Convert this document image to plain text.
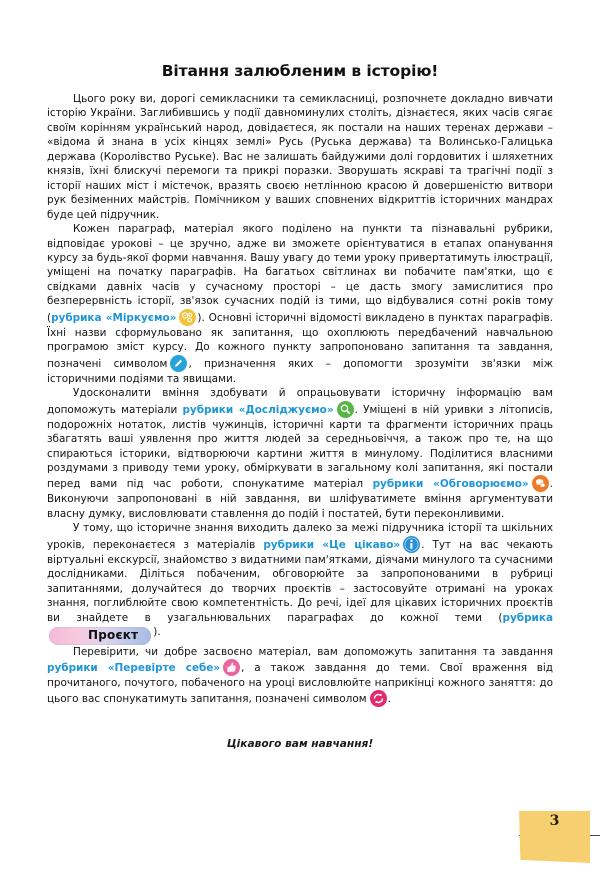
Вітання залюбленим в історію!

Цього року ви, дорогі семикласники та семикласниці, розпочнете докладно вивчати історію України. Заглибившись у події давноминулих століть, дізнаєтеся, яких часів сягає своїм корінням український народ, довідаєтеся, як постали на наших теренах держави – «відома й знана в усіх кінцях землі» Русь (Руська держава) та Волинсько-Галицька держава (Королівство Руське). Вас не залишать байдужими долі гордовитих і шляхетних князів, їхні блискучі перемоги та прикрі поразки. Зворушать яскраві та трагічні події з історії наших міст і містечок, вразять своєю нетлінною красою й довершеністю витвори рук безіменних майстрів. Помічником у ваших сповнених відкриттів історичних мандрах буде цей підручник.

Кожен параграф, матеріал якого поділено на пункти та пізнавальні рубрики, відповідає урокові – це зручно, адже ви зможете орієнтуватися в етапах опанування курсу за будь-якої форми навчання. Вашу увагу до теми уроку привертатимуть ілюстрації, уміщені на початку параграфів. На багатьох світлинах ви побачите пам'ятки, що є свідками давніх часів у сучасному просторі – це дасть змогу замислитися про безперервність історії, зв'язок сучасних подій із тими, що відбувалися сотні років тому (рубрика «Міркуємо» ). Основні історичні відомості викладено в пунктах параграфів. Їхні назви сформульовано як запитання, що охоплюють передбачений навчальною програмою зміст курсу. До кожного пункту запропоновано запитання та завдання, позначені символом , призначення яких – допомогти зрозуміти зв'язки між історичними подіями та явищами.

Удосконалити вміння здобувати й опрацьовувати історичну інформацію вам допоможуть матеріали рубрики «Досліджуємо» . Уміщені в ній уривки з літописів, подорожніх нотаток, листів чужинців, історичні карти та фрагменти історичних праць збагатять ваші уявлення про життя людей за середньовіччя, а також про те, на що спираються історики, відтворюючи картини життя в минулому. Поділитися власними роздумами з приводу теми уроку, обміркувати в загальному колі запитання, які постали перед вами під час роботи, спонукатиме матеріал рубрики «Обговорюємо» . Виконуючи запропоновані в ній завдання, ви шліфуватимете вміння аргументувати власну думку, висловлювати ставлення до подій і постатей, бути переконливими.

У тому, що історичне знання виходить далеко за межі підручника історії та шкільних уроків, переконаєтеся з матеріалів рубрики «Це цікаво» . Тут на вас чекають віртуальні екскурсії, знайомство з видатними пам'ятками, діячами минулого та сучасними дослідниками. Діліться побаченим, обговорюйте за запропонованими в рубриці запитаннями, долучайтеся до творчих проєктів – застосовуйте отримані на уроках знання, поглиблюйте свою компетентність. До речі, ідеї для цікавих історичних проєктів ви знайдете в узагальнювальних параграфах до кожної теми (рубрикаПроєкт ).

Перевірити, чи добре засвоєно матеріал, вам допоможуть запитання та завдання рубрики «Перевірте себе» , а також завдання до теми. Свої враження від прочитаного, почутого, побаченого на уроці висловлюйте наприкінці кожного заняття: до цього вас спонукатимуть запитання, позначені символом .

Цікавого вам навчання!
3
